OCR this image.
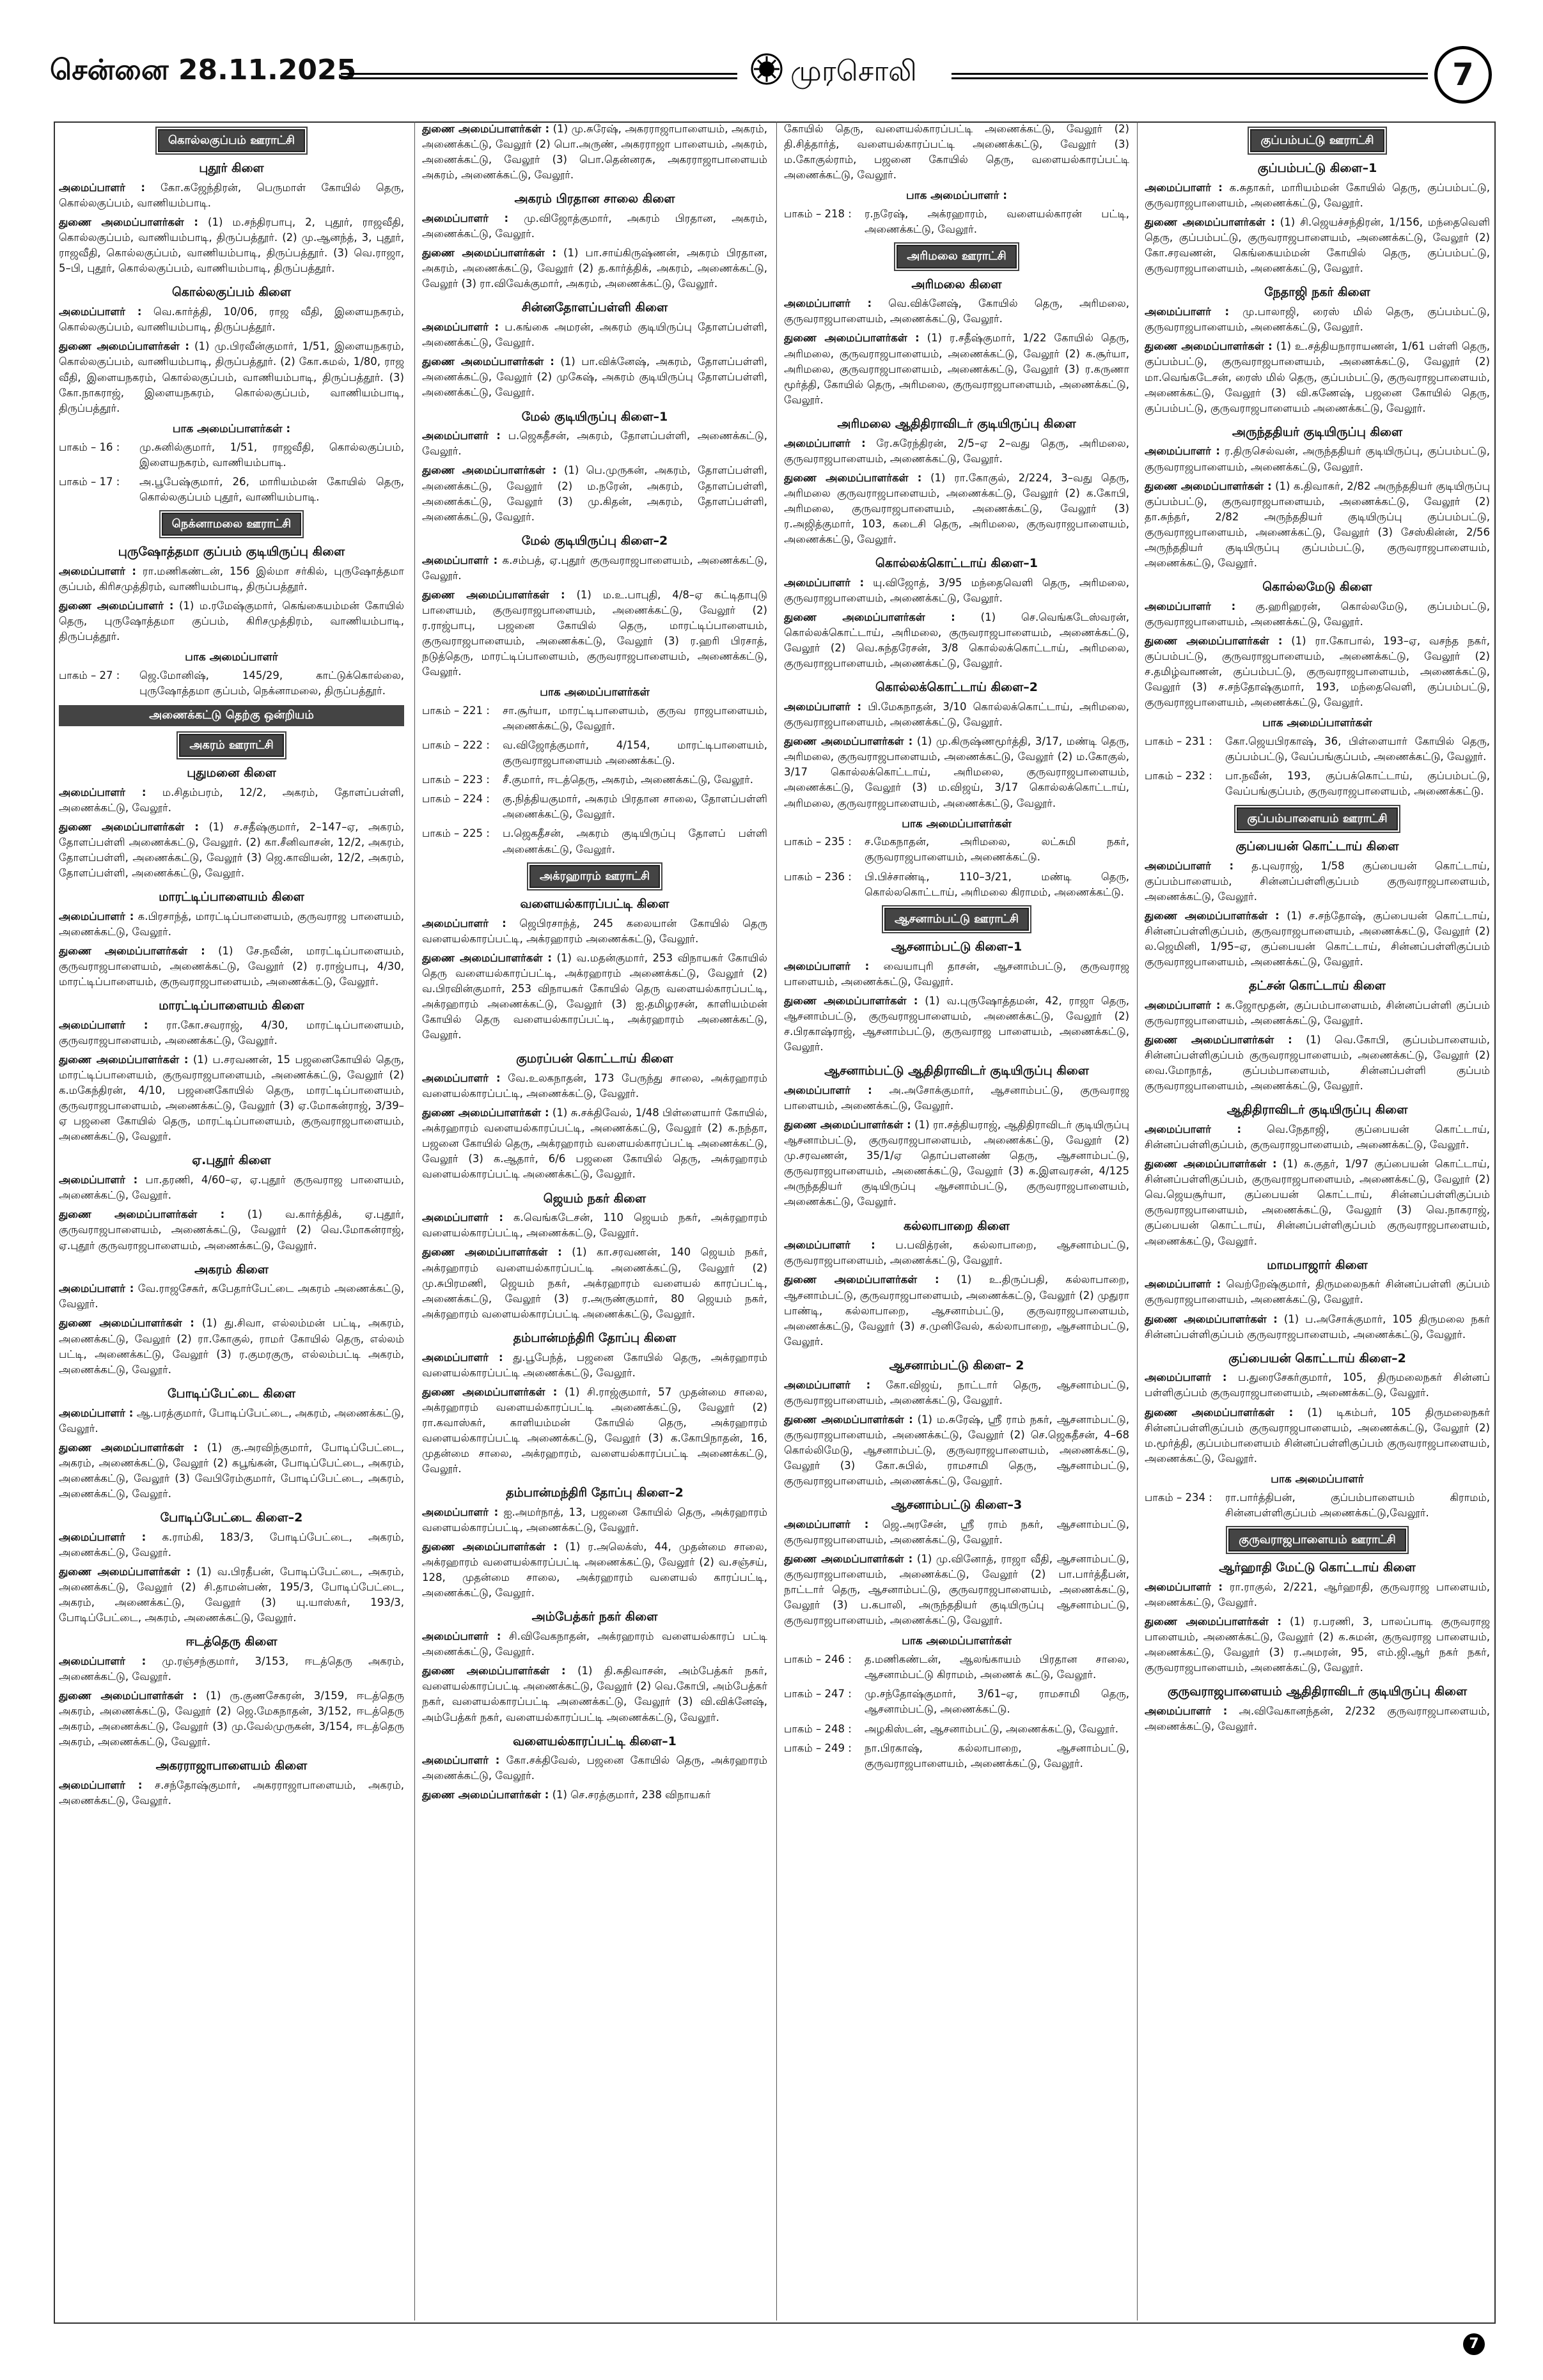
சென்னை 28.11.2025	முரசொலி	7
கொல்லகுப்பம் ஊராட்சி
புதூர் கிளை
அமைப்பாளர் : கோ.கஜேந்திரன், பெருமாள் கோயில் தெரு, கொல்லகுப்பம், வாணியம்பாடி.
துணை அமைப்பாளர்கள் : (1) ம.சந்திரபாபு, 2, புதூர், ராஜவீதி, கொல்லகுப்பம், வாணியம்பாடி, திருப்பத்தூர். (2) மு.ஆனந்த், 3, புதூர், ராஜவீதி, கொல்லகுப்பம், வாணியம்பாடி, திருப்பத்தூர். (3) வெ.ராஜா, 5–பி, புதூர், கொல்லகுப்பம், வாணியம்பாடி, திருப்பத்தூர்.
கொல்லகுப்பம் கிளை
அமைப்பாளர் : வெ.கார்த்தி, 10/06, ராஜ வீதி, இளையநகரம், கொல்லகுப்பம், வாணியம்பாடி, திருப்பத்தூர்.
துணை அமைப்பாளர்கள் : (1) மு.பிரவீன்குமார், 1/51, இளையநகரம், கொல்லகுப்பம், வாணியம்பாடி, திருப்பத்தூர். (2) கோ.கமல், 1/80, ராஜ வீதி, இளையநகரம், கொல்லகுப்பம், வாணியம்பாடி, திருப்பத்தூர். (3) கோ.நாகராஜ், இளையநகரம், கொல்லகுப்பம், வாணியம்பாடி, திருப்பத்தூர்.
பாக அமைப்பாளர்கள் :
பாகம் – 16 :	மு.சுனில்குமார், 1/51, ராஜவீதி, கொல்லகுப்பம், இளையநகரம், வாணியம்பாடி.
பாகம் – 17 :	அ.பூபேஷ்குமார், 26, மாரியம்மன் கோயில் தெரு, கொல்லகுப்பம் புதூர், வாணியம்பாடி.
நெக்னாமலை ஊராட்சி
புருஷோத்தமா குப்பம் குடியிருப்பு கிளை
அமைப்பாளர் : ரா.மணிகண்டன், 156 இல்மா சர்கில், புருஷோத்தமா குப்பம், கிரிசமுத்திரம், வாணியம்பாடி, திருப்பத்தூர்.
துணை அமைப்பாளர் : (1) ம.ரமேஷ்குமார், கெங்கையம்மன் கோயில் தெரு, புருஷோத்தமா குப்பம், கிரிசமுத்திரம், வாணியம்பாடி, திருப்பத்தூர்.
பாக அமைப்பாளர்
பாகம் – 27 :	ஜெ.மோனிஷ், 145/29, காட்டுக்கொல்லை, புருஷோத்தமா குப்பம், நெக்னாமலை, திருப்பத்தூர்.
அணைக்கட்டு தெற்கு ஒன்றியம்
அகரம் ஊராட்சி
புதுமனை கிளை
அமைப்பாளர் : ம.சிதம்பரம், 12/2, அகரம், தோளப்பள்ளி, அணைக்கட்டு, வேலூர்.
துணை அமைப்பாளர்கள் : (1) ச.சதீஷ்குமார், 2–147–ஏ, அகரம், தோளப்பள்ளி அணைக்கட்டு, வேலூர். (2) கா.சீனிவாசன், 12/2, அகரம், தோளப்பள்ளி, அணைக்கட்டு, வேலூர் (3) ஜெ.காவியன், 12/2, அகரம், தோளப்பள்ளி, அணைக்கட்டு, வேலூர்.
மாரட்டிப்பாளையம் கிளை
அமைப்பாளர் : க.பிரசாந்த், மாரட்டிப்பாளையம், குருவராஜ பாளையம், அணைக்கட்டு, வேலூர்.
துணை அமைப்பாளர்கள் : (1) சே.நவீன், மாரட்டிப்பாளையம், குருவராஜபாளையம், அணைக்கட்டு, வேலூர் (2) ர.ராஜ்பாபு, 4/30, மாரட்டிப்பாளையம், குருவராஜபாளையம், அணைக்கட்டு, வேலூர்.
மாரட்டிப்பாளையம் கிளை
அமைப்பாளர் : ரா.கோ.சவராஜ், 4/30, மாரட்டிப்பாளையம், குருவராஜபாளையம், அணைக்கட்டு, வேலூர்.
துணை அமைப்பாளர்கள் : (1) ப.சரவணன், 15 பஜனைகோயில் தெரு, மாரட்டிப்பாளையம், குருவராஜபாளையம், அணைக்கட்டு, வேலூர் (2) க.மகேந்திரன், 4/10, பஜனைகோயில் தெரு, மாரட்டிப்பாளையம், குருவராஜபாளையம், அணைக்கட்டு, வேலூர் (3) ஏ.மோகன்ராஜ், 3/39–ஏ பஜனை கோயில் தெரு, மாரட்டிப்பாளையம், குருவராஜபாளையம், அணைக்கட்டு, வேலூர்.
ஏ.புதூர் கிளை
அமைப்பாளர் : பா.தரணி, 4/60–ஏ, ஏ.புதூர் குருவராஜ பாளையம், அணைக்கட்டு, வேலூர்.
துணை அமைப்பாளர்கள் : (1) வ.கார்த்திக், ஏ.புதூர், குருவராஜபாளையம், அணைக்கட்டு, வேலூர் (2) வெ.மோகன்ராஜ், ஏ.புதூர் குருவராஜபாளையம், அணைக்கட்டு, வேலூர்.
அகரம் கிளை
அமைப்பாளர் : வே.ராஜசேகர், கபேதார்பேட்டை அகரம் அணைக்கட்டு, வேலூர்.
துணை அமைப்பாளர்கள் : (1) து.சிவா, எல்லம்மன் பட்டி, அகரம், அணைக்கட்டு, வேலூர் (2) ரா.கோகுல், ராமர் கோயில் தெரு, எல்லம் பட்டி, அணைக்கட்டு, வேலூர் (3) ர.குமரகுரு, எல்லம்பட்டி அகரம், அணைக்கட்டு, வேலூர்.
போடிப்பேட்டை கிளை
அமைப்பாளர் : ஆ.பரத்குமார், போடிப்பேட்டை, அகரம், அணைக்கட்டு, வேலூர்.
துணை அமைப்பாளர்கள் : (1) கு.அரவிந்குமார், போடிப்பேட்டை, அகரம், அணைக்கட்டு, வேலூர் (2) கபூங்கன், போடிப்பேட்டை, அகரம், அணைக்கட்டு, வேலூர் (3) வேபிரேம்குமார், போடிப்பேட்டை, அகரம், அணைக்கட்டு, வேலூர்.
போடிப்பேட்டை கிளை–2
அமைப்பாளர் : க.ராம்கி, 183/3, போடிப்பேட்டை, அகரம், அணைக்கட்டு, வேலூர்.
துணை அமைப்பாளர்கள் : (1) வ.பிரதீபன், போடிப்பேட்டை, அகரம், அணைக்கட்டு, வேலூர் (2) சி.தாமன்பண், 195/3, போடிப்பேட்டை, அகரம், அணைக்கட்டு, வேலூர் (3) யு.யாஸ்கர், 193/3, போடிப்பேட்டை, அகரம், அணைக்கட்டு, வேலூர்.
ஈடத்தெரு கிளை
அமைப்பாளர் : மு.ரஞ்சந்குமார், 3/153, ஈடத்தெரு அகரம், அணைக்கட்டு, வேலூர்.
துணை அமைப்பாளர்கள் : (1) ரு.குணசேகரன், 3/159, ஈடத்தெரு அகரம், அணைக்கட்டு, வேலூர் (2) ஜெ.மேகநாதன், 3/152, ஈடத்தெரு அகரம், அணைக்கட்டு, வேலூர் (3) மு.வேல்முருகன், 3/154, ஈடத்தெரு அகரம், அணைக்கட்டு, வேலூர்.
அகரராஜாபாளையம் கிளை
அமைப்பாளர் : ச.சந்தோஷ்குமார், அகரராஜாபாளையம், அகரம், அணைக்கட்டு, வேலூர்.
துணை அமைப்பாளர்கள் : (1) மு.சுரேஷ், அகரராஜாபாளையம், அகரம், அணைக்கட்டு, வேலூர் (2) பொ.அருண், அகரராஜா பாளையம், அகரம், அணைக்கட்டு, வேலூர் (3) பொ.தென்னரசு, அகரராஜாபாளையம் அகரம், அணைக்கட்டு, வேலூர்.
அகரம் பிரதான சாலை கிளை
அமைப்பாளர் : மு.விஜோத்குமார், அகரம் பிரதான, அகரம், அணைக்கட்டு, வேலூர்.
துணை அமைப்பாளர்கள் : (1) பா.சாய்கிருஷ்ணன், அகரம் பிரதான, அகரம், அணைக்கட்டு, வேலூர் (2) த.கார்த்திக், அகரம், அணைக்கட்டு, வேலூர் (3) ரா.விவேக்குமார், அகரம், அணைக்கட்டு, வேலூர்.
சின்னதோளப்பள்ளி கிளை
அமைப்பாளர் : ப.கங்கை அமரன், அகரம் குடியிருப்பு தோளப்பள்ளி, அணைக்கட்டு, வேலூர்.
துணை அமைப்பாளர்கள் : (1) பா.விக்னேஷ், அகரம், தோளப்பள்ளி, அணைக்கட்டு, வேலூர் (2) முகேஷ், அகரம் குடியிருப்பு தோளப்பள்ளி, அணைக்கட்டு, வேலூர்.
மேல் குடியிருப்பு கிளை–1
அமைப்பாளர் : ப.ஜெகதீசன், அகரம், தோளப்பள்ளி, அணைக்கட்டு, வேலூர்.
துணை அமைப்பாளர்கள் : (1) பெ.முருகன், அகரம், தோளப்பள்ளி, அணைக்கட்டு, வேலூர் (2) ம.நரேன், அகரம், தோளப்பள்ளி, அணைக்கட்டு, வேலூர் (3) மு.கிதன், அகரம், தோளப்பள்ளி, அணைக்கட்டு, வேலூர்.
மேல் குடியிருப்பு கிளை–2
அமைப்பாளர் : க.சம்பத், ஏ.புதூர் குருவராஜபாளையம், அணைக்கட்டு, வேலூர்.
துணை அமைப்பாளர்கள் : (1) ம.உ.பாபுதி, 4/8–ஏ கட்டிதாபுடு பாளையம், குருவராஜபாளையம், அணைக்கட்டு, வேலூர் (2) ர.ராஜ்பாபு, பஜனை கோயில் தெரு, மாரட்டிப்பாளையம், குருவராஜபாளையம், அணைக்கட்டு, வேலூர் (3) ர.ஹரி பிரசாத், நடுத்தெரு, மாரட்டிப்பாளையம், குருவராஜபாளையம், அணைக்கட்டு, வேலூர்.
பாக அமைப்பாளர்கள்
பாகம் – 221 :	சா.சூர்யா, மாரட்டிபாளையம், குருவ ராஜபாளையம், அணைக்கட்டு, வேலூர்.
பாகம் – 222 :	வ.விஜோத்குமார், 4/154, மாரட்டிபாளையம், குருவராஜபாளையம் அணைக்கட்டு.
பாகம் – 223 :	சீ.குமார், ஈடத்தெரு, அகரம், அணைக்கட்டு, வேலூர்.
பாகம் – 224 :	கு.நித்தியகுமார், அகரம் பிரதான சாலை, தோளப்பள்ளி அணைக்கட்டு, வேலூர்.
பாகம் – 225 :	ப.ஜெகதீசன், அகரம் குடியிருப்பு தோளப் பள்ளி அணைக்கட்டு, வேலூர்.
அக்ரஹாரம் ஊராட்சி
வளையல்காரப்பட்டி கிளை
அமைப்பாளர் : ஜெபிரசாந்த், 245 கலையான் கோயில் தெரு வளையல்காரப்பட்டி, அக்ரஹாரம் அணைக்கட்டு, வேலூர்.
துணை அமைப்பாளர்கள் : (1) வ.மதன்குமார், 253 விநாயகர் கோயில் தெரு வளையல்காரப்பட்டி, அக்ரஹாரம் அணைக்கட்டு, வேலூர் (2) வ.பிரவின்குமார், 253 விநாயகர் கோயில் தெரு வளையல்காரப்பட்டி, அக்ரஹாரம் அணைக்கட்டு, வேலூர் (3) ஐ.தமிழரசன், காளியம்மன் கோயில் தெரு வளையல்காரப்பட்டி, அக்ரஹாரம் அணைக்கட்டு, வேலூர்.
குமரப்பன் கொட்டாய் கிளை
அமைப்பாளர் : வே.உலகநாதன், 173 பேருந்து சாலை, அக்ரஹாரம் வளையல்காரப்பட்டி, அணைக்கட்டு, வேலூர்.
துணை அமைப்பாளர்கள் : (1) சு.சக்திவேல், 1/48 பிள்ளையார் கோயில், அக்ரஹாரம் வளையல்காரப்பட்டி, அணைக்கட்டு, வேலூர் (2) க.நந்தா, பஜனை கோயில் தெரு, அக்ரஹாரம் வளையல்காரப்பட்டி அணைக்கட்டு, வேலூர் (3) க.ஆதார், 6/6 பஜனை கோயில் தெரு, அக்ரஹாரம் வளையல்காரப்பட்டி அணைக்கட்டு, வேலூர்.
ஜெயம் நகர் கிளை
அமைப்பாளர் : க.வெங்கடேசன், 110 ஜெயம் நகர், அக்ரஹாரம் வளையல்காரப்பட்டி, அணைக்கட்டு, வேலூர்.
துணை அமைப்பாளர்கள் : (1) கா.சரவணன், 140 ஜெயம் நகர், அக்ரஹாரம் வளையல்காரப்பட்டி அணைக்கட்டு, வேலூர் (2) மு.சுபிரமணி, ஜெயம் நகர், அக்ரஹாரம் வளையல் காரப்பட்டி, அணைக்கட்டு, வேலூர் (3) ர.அருண்குமார், 80 ஜெயம் நகர், அக்ரஹாரம் வளையல்காரப்பட்டி அணைக்கட்டு, வேலூர்.
தம்பான்மந்திரி தோப்பு கிளை
அமைப்பாளர் : து.பூபேந்த், பஜனை கோயில் தெரு, அக்ரஹாரம் வளையல்காரப்பட்டி அணைக்கட்டு, வேலூர்.
துணை அமைப்பாளர்கள் : (1) சி.ராஜ்குமார், 57 முதன்மை சாலை, அக்ரஹாரம் வளையல்காரப்பட்டி அணைக்கட்டு, வேலூர் (2) ரா.கவாஸ்கர், காளியம்மன் கோயில் தெரு, அக்ரஹாரம் வளையல்காரப்பட்டி அணைக்கட்டு, வேலூர் (3) க.கோபிநாதன், 16, முதன்மை சாலை, அக்ரஹாரம், வளையல்காரப்பட்டி அணைக்கட்டு, வேலூர்.
தம்பான்மந்திரி தோப்பு கிளை–2
அமைப்பாளர் : ஐ.அமர்நாத், 13, பஜனை கோயில் தெரு, அக்ரஹாரம் வளையல்காரப்பட்டி, அணைக்கட்டு, வேலூர்.
துணை அமைப்பாளர்கள் : (1) ர.அலெக்ஸ், 44, முதன்மை சாலை, அக்ரஹாரம் வளையல்காரப்பட்டி அணைக்கட்டு, வேலூர் (2) வ.சஞ்சய், 128, முதன்மை சாலை, அக்ரஹாரம் வளையல் காரப்பட்டி, அணைக்கட்டு, வேலூர்.
அம்பேத்கர் நகர் கிளை
அமைப்பாளர் : சி.விவேகநாதன், அக்ரஹாரம் வளையல்காரப் பட்டி அணைக்கட்டு, வேலூர்.
துணை அமைப்பாளர்கள் : (1) தி.சுதிவாசன், அம்பேத்கர் நகர், வளையல்காரப்பட்டி அணைக்கட்டு, வேலூர் (2) வெ.கோபி, அம்பேத்கர் நகர், வளையல்காரப்பட்டி அணைக்கட்டு, வேலூர் (3) வி.விக்னேஷ், அம்பேத்கர் நகர், வளையல்காரப்பட்டி அணைக்கட்டு, வேலூர்.
வளையல்காரப்பட்டி கிளை–1
அமைப்பாளர் : கோ.சக்திவேல், பஜனை கோயில் தெரு, அக்ரஹாரம் அணைக்கட்டு, வேலூர்.
துணை அமைப்பாளர்கள் : (1) செ.சரத்குமார், 238 விநாயகர்
கோயில் தெரு, வளையல்காரப்பட்டி அணைக்கட்டு, வேலூர் (2) தி.சித்தார்த், வளையல்காரப்பட்டி அணைக்கட்டு, வேலூர் (3) ம.கோகுல்ராம், பஜனை கோயில் தெரு, வளையல்காரப்பட்டி அணைக்கட்டு, வேலூர்.
பாக அமைப்பாளர் :
பாகம் – 218 :	ர.நரேஷ், அக்ரஹாரம், வளையல்காரன் பட்டி, அணைக்கட்டு, வேலூர்.
அரிமலை ஊராட்சி
அரிமலை கிளை
அமைப்பாளர் : வெ.விக்னேஷ், கோயில் தெரு, அரிமலை, குருவராஜபாளையம், அணைக்கட்டு, வேலூர்.
துணை அமைப்பாளர்கள் : (1) ர.சதீஷ்குமார், 1/22 கோயில் தெரு, அரிமலை, குருவராஜபாளையம், அணைக்கட்டு, வேலூர் (2) க.சூர்யா, அரிமலை, குருவராஜபாளையம், அணைக்கட்டு, வேலூர் (3) ர.கருணா மூர்த்தி, கோயில் தெரு, அரிமலை, குருவராஜபாளையம், அணைக்கட்டு, வேலூர்.
அரிமலை ஆதிதிராவிடர் குடியிருப்பு கிளை
அமைப்பாளர் : ரே.சுரேந்திரன், 2/5–ஏ 2–வது தெரு, அரிமலை, குருவராஜபாளையம், அணைக்கட்டு, வேலூர்.
துணை அமைப்பாளர்கள் : (1) ரா.கோகுல், 2/224, 3–வது தெரு, அரிமலை குருவராஜபாளையம், அணைக்கட்டு, வேலூர் (2) க.கோபி, அரிமலை, குருவராஜபாளையம், அணைக்கட்டு, வேலூர் (3) ர.அஜித்குமார், 103, கடைசி தெரு, அரிமலை, குருவராஜபாளையம், அணைக்கட்டு, வேலூர்.
கொல்லக்கொட்டாய் கிளை–1
அமைப்பாளர் : யு.விஜோத், 3/95 மந்தைவெளி தெரு, அரிமலை, குருவராஜபாளையம், அணைக்கட்டு, வேலூர்.
துணை அமைப்பாளர்கள் : (1) செ.வெங்கடேஸ்வரன், கொல்லக்கொட்டாய், அரிமலை, குருவராஜபாளையம், அணைக்கட்டு, வேலூர் (2) வெ.சுந்தரேசன், 3/8 கொல்லக்கொட்டாய், அரிமலை, குருவராஜபாளையம், அணைக்கட்டு, வேலூர்.
கொல்லக்கொட்டாய் கிளை–2
அமைப்பாளர் : பி.மேகநாதன், 3/10 கொல்லக்கொட்டாய், அரிமலை, குருவராஜபாளையம், அணைக்கட்டு, வேலூர்.
துணை அமைப்பாளர்கள் : (1) மு.கிருஷ்ணமூர்த்தி, 3/17, மண்டி தெரு, அரிமலை, குருவராஜபாளையம், அணைக்கட்டு, வேலூர் (2) ம.கோகுல், 3/17 கொல்லக்கொட்டாய், அரிமலை, குருவராஜபாளையம், அணைக்கட்டு, வேலூர் (3) ம.விஜய், 3/17 கொல்லக்கொட்டாய், அரிமலை, குருவராஜபாளையம், அணைக்கட்டு, வேலூர்.
பாக அமைப்பாளர்கள்
பாகம் – 235 :	ச.மேகநாதன், அரிமலை, லட்சுமி நகர், குருவராஜபாளையம், அணைக்கட்டு.
பாகம் – 236 :	பி.பிச்சாண்டி, 110–3/21, மண்டி தெரு, கொல்லகொட்டாய், அரிமலை கிராமம், அணைக்கட்டு.
ஆசனாம்பட்டு ஊராட்சி
ஆசனாம்பட்டு கிளை–1
அமைப்பாளர் : வையாபுரி தாசன், ஆசனாம்பட்டு, குருவராஜ பாளையம், அணைக்கட்டு, வேலூர்.
துணை அமைப்பாளர்கள் : (1) வ.புருஷோத்தமன், 42, ராஜா தெரு, ஆசனாம்பட்டு, குருவராஜபாளையம், அணைக்கட்டு, வேலூர் (2) ச.பிரகாஷ்ராஜ், ஆசனாம்பட்டு, குருவராஜ பாளையம், அணைக்கட்டு, வேலூர்.
ஆசனாம்பட்டு ஆதிதிராவிடர் குடியிருப்பு கிளை
அமைப்பாளர் : அ.அசோக்குமார், ஆசனாம்பட்டு, குருவராஜ பாளையம், அணைக்கட்டு, வேலூர்.
துணை அமைப்பாளர்கள் : (1) ரா.சத்தியராஜ், ஆதிதிராவிடர் குடியிருப்பு ஆசனாம்பட்டு, குருவராஜபாளையம், அணைக்கட்டு, வேலூர் (2) மு.சரவணன், 35/1/ஏ தொப்பளனண் தெரு, ஆசனாம்பட்டு, குருவராஜபாளையம், அணைக்கட்டு, வேலூர் (3) க.இளவரசன், 4/125 அருந்ததியர் குடியிருப்பு ஆசனாம்பட்டு, குருவராஜபாளையம், அணைக்கட்டு, வேலூர்.
கல்லாபாறை கிளை
அமைப்பாளர் : ப.பவித்ரன், கல்லாபாறை, ஆசனாம்பட்டு, குருவராஜபாளையம், அணைக்கட்டு, வேலூர்.
துணை அமைப்பாளர்கள் : (1) உ.திருப்பதி, கல்லாபாறை, ஆசனாம்பட்டு, குருவராஜபாளையம், அணைக்கட்டு, வேலூர் (2) முதுரா பாண்டி, கல்லாபாறை, ஆசனாம்பட்டு, குருவராஜபாளையம், அணைக்கட்டு, வேலூர் (3) ச.முனிவேல், கல்லாபாறை, ஆசனாம்பட்டு, வேலூர்.
ஆசனாம்பட்டு கிளை– 2
அமைப்பாளர் : கோ.விஜய், நாட்டார் தெரு, ஆசனாம்பட்டு, குருவராஜபாளையம், அணைக்கட்டு, வேலூர்.
துணை அமைப்பாளர்கள் : (1) ம.சுரேஷ், ஸ்ரீ ராம் நகர், ஆசனாம்பட்டு, குருவராஜபாளையம், அணைக்கட்டு, வேலூர் (2) செ.ஜெகதீசன், 4–68 கொல்லிமேடு, ஆசனாம்பட்டு, குருவராஜபாளையம், அணைக்கட்டு, வேலூர் (3) கோ.சுபில், ராமசாமி தெரு, ஆசனாம்பட்டு, குருவராஜபாளையம், அணைக்கட்டு, வேலூர்.
ஆசனாம்பட்டு கிளை–3
அமைப்பாளர் : ஜெ.அரசேன், ஸ்ரீ ராம் நகர், ஆசனாம்பட்டு, குருவராஜபாளையம், அணைக்கட்டு, வேலூர்.
துணை அமைப்பாளர்கள் : (1) மு.வினோத், ராஜா வீதி, ஆசனாம்பட்டு, குருவராஜபாளையம், அணைக்கட்டு, வேலூர் (2) பா.பார்த்தீபன், நாட்டார் தெரு, ஆசனாம்பட்டு, குருவராஜபாளையம், அணைக்கட்டு, வேலூர் (3) ப.கபாலி, அருந்ததியர் குடியிருப்பு ஆசனாம்பட்டு, குருவராஜபாளையம், அணைக்கட்டு, வேலூர்.
பாக அமைப்பாளர்கள்
பாகம் – 246 :	த.மணிகண்டன், ஆலங்காயம் பிரதான சாலை, ஆசனாம்பட்டு கிராமம், அணைக் கட்டு, வேலூர்.
பாகம் – 247 :	மு.சந்தோஷ்குமார், 3/61–ஏ, ராமசாமி தெரு, ஆசனாம்பட்டு, அணைக்கட்டு.
பாகம் – 248 :	அழகிஸ்டன், ஆசனாம்பட்டு, அணைக்கட்டு, வேலூர்.
பாகம் – 249 :	நா.பிரகாஷ், கல்லாபாறை, ஆசனாம்பட்டு, குருவராஜபாளையம், அணைக்கட்டு, வேலூர்.
குப்பம்பட்டு ஊராட்சி
குப்பம்பட்டு கிளை–1
அமைப்பாளர் : க.சுதாகர், மாரியம்மன் கோயில் தெரு, குப்பம்பட்டு, குருவராஜபாளையம், அணைக்கட்டு, வேலூர்.
துணை அமைப்பாளர்கள் : (1) சி.ஜெயச்சந்திரன், 1/156, மந்தைவெளி தெரு, குப்பம்பட்டு, குருவராஜபாளையம், அணைக்கட்டு, வேலூர் (2) கோ.சரவணன், கெங்கையம்மன் கோயில் தெரு, குப்பம்பட்டு, குருவராஜபாளையம், அணைக்கட்டு, வேலூர்.
நேதாஜி நகர் கிளை
அமைப்பாளர் : மு.பாலாஜி, ரைஸ் மில் தெரு, குப்பம்பட்டு, குருவராஜபாளையம், அணைக்கட்டு, வேலூர்.
துணை அமைப்பாளர்கள் : (1) உ.சத்தியநாராயணன், 1/61 பள்ளி தெரு, குப்பம்பட்டு, குருவராஜபாளையம், அணைக்கட்டு, வேலூர் (2) மா.வெங்கடேசன், ரைஸ் மில் தெரு, குப்பம்பட்டு, குருவராஜபாளையம், அணைக்கட்டு, வேலூர் (3) வி.கணேஷ், பஜனை கோயில் தெரு, குப்பம்பட்டு, குருவராஜபாளையம் அணைக்கட்டு, வேலூர்.
அருந்ததியர் குடியிருப்பு கிளை
அமைப்பாளர் : ர.திருசெல்வன், அருந்ததியர் குடியிருப்பு, குப்பம்பட்டு, குருவராஜபாளையம், அணைக்கட்டு, வேலூர்.
துணை அமைப்பாளர்கள் : (1) க.திவாகர், 2/82 அருந்ததியர் குடியிருப்பு குப்பம்பட்டு, குருவராஜபாளையம், அணைக்கட்டு, வேலூர் (2) தா.சுந்தர், 2/82 அருந்ததியர் குடியிருப்பு குப்பம்பட்டு, குருவராஜபாளையம், அணைக்கட்டு, வேலூர் (3) சேஸ்கின்ன், 2/56 அருந்ததியர் குடியிருப்பு குப்பம்பட்டு, குருவராஜபாளையம், அணைக்கட்டு, வேலூர்.
கொல்லமேடு கிளை
அமைப்பாளர் : கு.ஹரிஹரன், கொல்லமேடு, குப்பம்பட்டு, குருவராஜபாளையம், அணைக்கட்டு, வேலூர்.
துணை அமைப்பாளர்கள் : (1) ரா.கோபால், 193–ஏ, வசந்த நகர், குப்பம்பட்டு, குருவராஜபாளையம், அணைக்கட்டு, வேலூர் (2) ச.தமிழ்வாணன், குப்பம்பட்டு, குருவராஜபாளையம், அணைக்கட்டு, வேலூர் (3) ச.சந்தோஷ்குமார், 193, மந்தைவெளி, குப்பம்பட்டு, குருவராஜபாளையம், அணைக்கட்டு, வேலூர்.
பாக அமைப்பாளர்கள்
பாகம் – 231 :	கோ.ஜெயபிரகாஷ், 36, பிள்ளையார் கோயில் தெரு, குப்பம்பட்டு, வேப்பங்குப்பம், அணைக்கட்டு, வேலூர்.
பாகம் – 232 :	பா.நவீன், 193, குப்பக்கொட்டாய், குப்பம்பட்டு, வேப்பங்குப்பம், குருவராஜபாளையம், அணைக்கட்டு.
குப்பம்பாளையம் ஊராட்சி
குப்பையன் கொட்டாய் கிளை
அமைப்பாளர் : த.புவராஜ், 1/58 குப்பையன் கொட்டாய், குப்பம்பாளையம், சின்னப்பள்ளிகுப்பம் குருவராஜபாளையம், அணைக்கட்டு, வேலூர்.
துணை அமைப்பாளர்கள் : (1) ச.சந்தோஷ், குப்பையன் கொட்டாய், சின்னப்பள்ளிகுப்பம், குருவராஜபாளையம், அணைக்கட்டு, வேலூர் (2) ல.ஜெமினி, 1/95–ஏ, குப்பையன் கொட்டாய், சின்னப்பள்ளிகுப்பம் குருவராஜபாளையம், அணைக்கட்டு, வேலூர்.
தட்சன் கொட்டாய் கிளை
அமைப்பாளர் : க.ஜோமூதன், குப்பம்பாளையம், சின்னப்பள்ளி குப்பம் குருவராஜபாளையம், அணைக்கட்டு, வேலூர்.
துணை அமைப்பாளர்கள் : (1) வெ.கோபி, குப்பம்பாளையம், சின்னப்பள்ளிகுப்பம் குருவராஜபாளையம், அணைக்கட்டு, வேலூர் (2) வை.மோநாத், குப்பம்பாளையம், சின்னப்பள்ளி குப்பம் குருவராஜபாளையம், அணைக்கட்டு, வேலூர்.
ஆதிதிராவிடர் குடியிருப்பு கிளை
அமைப்பாளர் : வெ.நேதாஜி, குப்பையன் கொட்டாய், சின்னப்பள்ளிகுப்பம், குருவராஜபாளையம், அணைக்கட்டு, வேலூர்.
துணை அமைப்பாளர்கள் : (1) க.குதர், 1/97 குப்பையன் கொட்டாய், சின்னப்பள்ளிகுப்பம், குருவராஜபாளையம், அணைக்கட்டு, வேலூர் (2) வெ.ஜெயசூர்யா, குப்பையன் கொட்டாய், சின்னப்பள்ளிகுப்பம் குருவராஜபாளையம், அணைக்கட்டு, வேலூர் (3) வெ.நாகராஜ், குப்பையன் கொட்டாய், சின்னப்பள்ளிகுப்பம் குருவராஜபாளையம், அணைக்கட்டு, வேலூர்.
மாமபாஜார் கிளை
அமைப்பாளர் : வெற்றேஷ்குமார், திருமலைநகர் சின்னப்பள்ளி குப்பம் குருவராஜபாளையம், அணைக்கட்டு, வேலூர்.
துணை அமைப்பாளர்கள் : (1) ப.அசோக்குமார், 105 திருமலை நகர் சின்னப்பள்ளிகுப்பம் குருவராஜபாளையம், அணைக்கட்டு, வேலூர்.
குப்பையன் கொட்டாய் கிளை–2
அமைப்பாளர் : ப.துரைசேகர்குமார், 105, திருமலைநகர் சின்னப் பள்ளிகுப்பம் குருவராஜபாளையம், அணைக்கட்டு, வேலூர்.
துணை அமைப்பாளர்கள் : (1) டிகம்பர், 105 திருமலைநகர் சின்னப்பள்ளிகுப்பம் குருவராஜபாளையம், அணைக்கட்டு, வேலூர் (2) ம.மூர்த்தி, குப்பம்பாளையம் சின்னப்பள்ளிகுப்பம் குருவராஜபாளையம், அணைக்கட்டு, வேலூர்.
பாக அமைப்பாளர்
பாகம் – 234 :	ரா.பார்த்திபன், குப்பம்பாளையம் கிராமம், சின்னபள்ளிகுப்பம் அணைக்கட்டு,வேலூர்.
குருவராஜபாளையம் ஊராட்சி
ஆர்ஹாதி மேட்டு கொட்டாய் கிளை
அமைப்பாளர் : ரா.ராகுல், 2/221, ஆர்ஹாதி, குருவராஜ பாளையம், அணைக்கட்டு, வேலூர்.
துணை அமைப்பாளர்கள் : (1) ர.பரணி, 3, பாலப்பாடி குருவராஜ பாளையம், அணைக்கட்டு, வேலூர் (2) க.சுமன், குருவராஜ பாளையம், அணைக்கட்டு, வேலூர் (3) ர.அமரன், 95, எம்.ஜி.ஆர் நகர் நகர், குருவராஜபாளையம், அணைக்கட்டு, வேலூர்.
குருவராஜபாளையம் ஆதிதிராவிடர் குடியிருப்பு கிளை
அமைப்பாளர் : அ.விவேகானந்தன், 2/232 குருவராஜபாளையம், அணைக்கட்டு, வேலூர்.
7
